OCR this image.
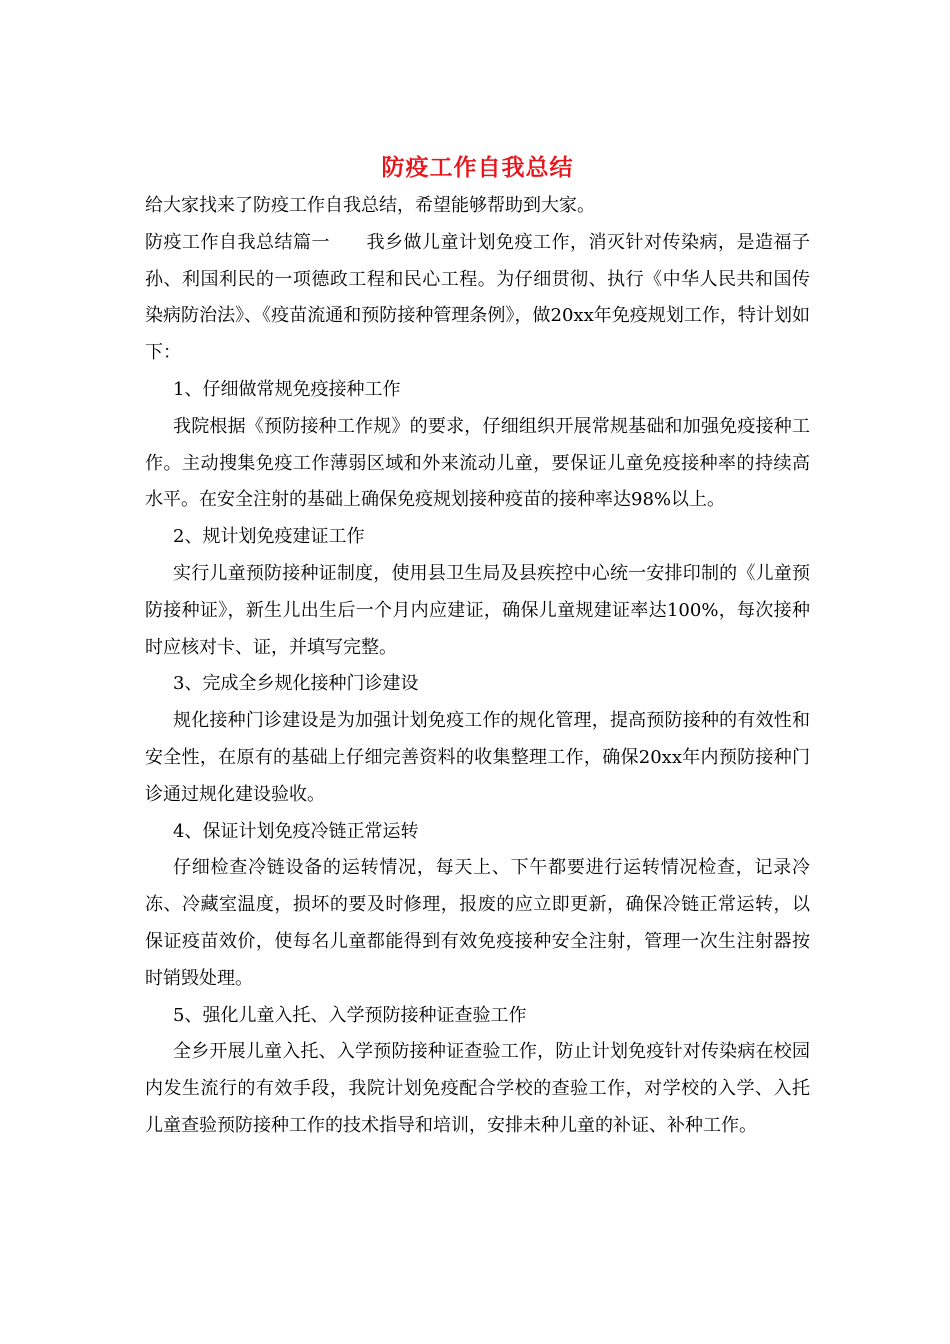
防疫工作自我总结

给大家找来了防疫工作自我总结，希望能够帮助到大家。

防疫工作自我总结篇一 我乡做儿童计划免疫工作，消灭针对传染病，是造福子孙、利国利民的一项德政工程和民心工程。为仔细贯彻、执行《中华人民共和国传染病防治法》、《疫苗流通和预防接种管理条例》，做20xx年免疫规划工作，特计划如下：

1、仔细做常规免疫接种工作

我院根据《预防接种工作规》的要求，仔细组织开展常规基础和加强免疫接种工作。主动搜集免疫工作薄弱区域和外来流动儿童，要保证儿童免疫接种率的持续高水平。在安全注射的基础上确保免疫规划接种疫苗的接种率达98%以上。

2、规计划免疫建证工作

实行儿童预防接种证制度，使用县卫生局及县疾控中心统一安排印制的《儿童预防接种证》，新生儿出生后一个月内应建证，确保儿童规建证率达100%，每次接种时应核对卡、证，并填写完整。

3、完成全乡规化接种门诊建设

规化接种门诊建设是为加强计划免疫工作的规化管理，提高预防接种的有效性和安全性，在原有的基础上仔细完善资料的收集整理工作，确保20xx年内预防接种门诊通过规化建设验收。

4、保证计划免疫冷链正常运转

仔细检查冷链设备的运转情况，每天上、下午都要进行运转情况检查，记录冷冻、冷藏室温度，损坏的要及时修理，报废的应立即更新，确保冷链正常运转，以保证疫苗效价，使每名儿童都能得到有效免疫接种安全注射，管理一次生注射器按时销毁处理。

5、强化儿童入托、入学预防接种证查验工作

全乡开展儿童入托、入学预防接种证查验工作，防止计划免疫针对传染病在校园内发生流行的有效手段，我院计划免疫配合学校的查验工作，对学校的入学、入托儿童查验预防接种工作的技术指导和培训，安排未种儿童的补证、补种工作。
